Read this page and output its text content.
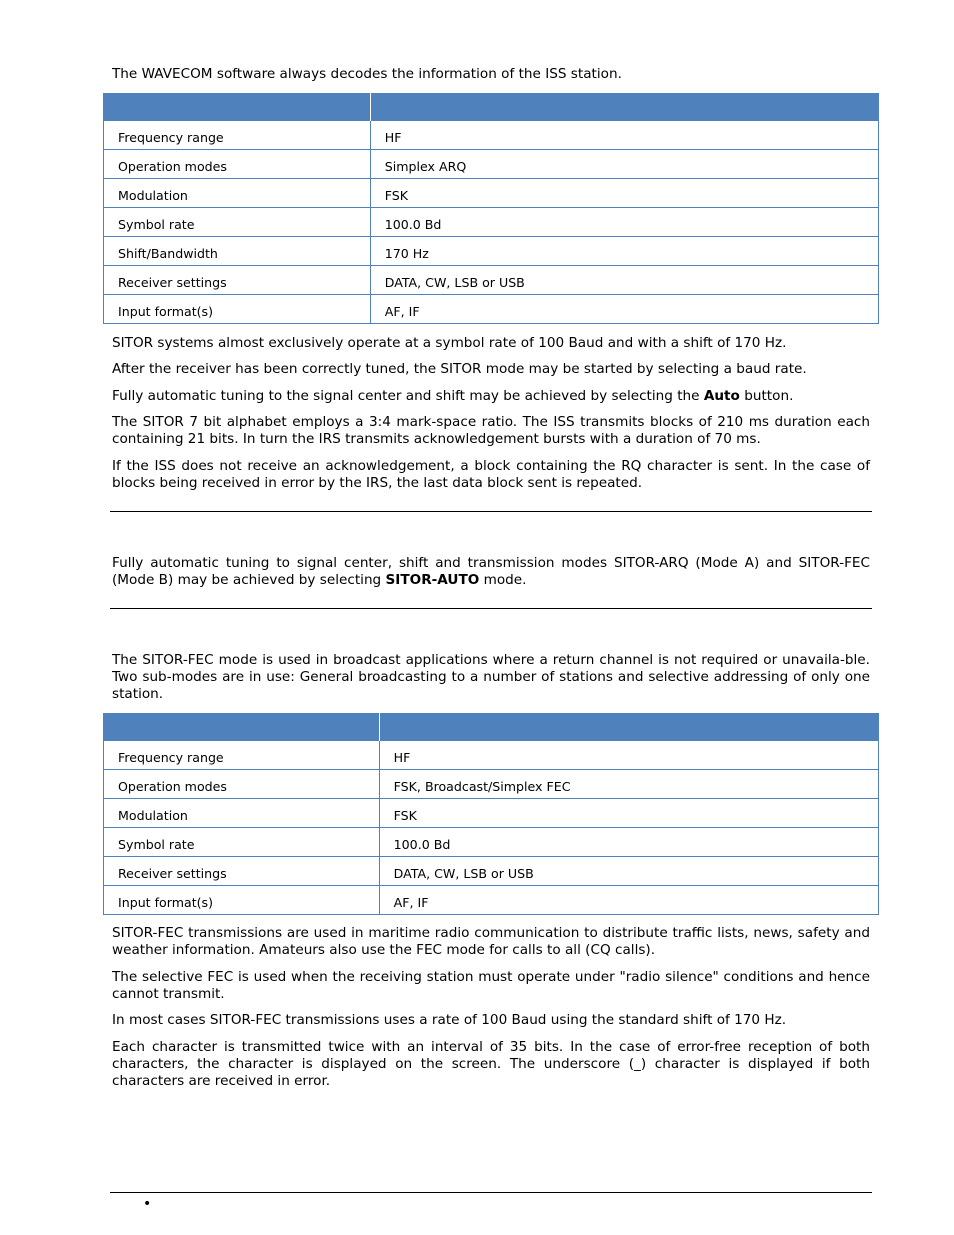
The WAVECOM software always decodes the information of the ISS station.

Frequency range	HF
Operation modes	Simplex ARQ
Modulation	FSK
Symbol rate	100.0 Bd
Shift/Bandwidth	170 Hz
Receiver settings	DATA, CW, LSB or USB
Input format(s)	AF, IF

SITOR systems almost exclusively operate at a symbol rate of 100 Baud and with a shift of 170 Hz.

After the receiver has been correctly tuned, the SITOR mode may be started by selecting a baud rate.

Fully automatic tuning to the signal center and shift may be achieved by selecting the Auto button.

The SITOR 7 bit alphabet employs a 3:4 mark-space ratio. The ISS transmits blocks of 210 ms duration each containing 21 bits. In turn the IRS transmits acknowledgement bursts with a duration of 70 ms.

If the ISS does not receive an acknowledgement, a block containing the RQ character is sent. In the case of blocks being received in error by the IRS, the last data block sent is repeated.

Fully automatic tuning to signal center, shift and transmission modes SITOR-ARQ (Mode A) and SITOR-FEC (Mode B) may be achieved by selecting SITOR-AUTO mode.

The SITOR-FEC mode is used in broadcast applications where a return channel is not required or unavaila-ble. Two sub-modes are in use: General broadcasting to a number of stations and selective addressing of only one station.

Frequency range	HF
Operation modes	FSK, Broadcast/Simplex FEC
Modulation	FSK
Symbol rate	100.0 Bd
Receiver settings	DATA, CW, LSB or USB
Input format(s)	AF, IF

SITOR-FEC transmissions are used in maritime radio communication to distribute traffic lists, news, safety and weather information. Amateurs also use the FEC mode for calls to all (CQ calls).

The selective FEC is used when the receiving station must operate under "radio silence" conditions and hence cannot transmit.

In most cases SITOR-FEC transmissions uses a rate of 100 Baud using the standard shift of 170 Hz.

Each character is transmitted twice with an interval of 35 bits. In the case of error-free reception of both characters, the character is displayed on the screen. The underscore (_) character is displayed if both characters are received in error.

•
